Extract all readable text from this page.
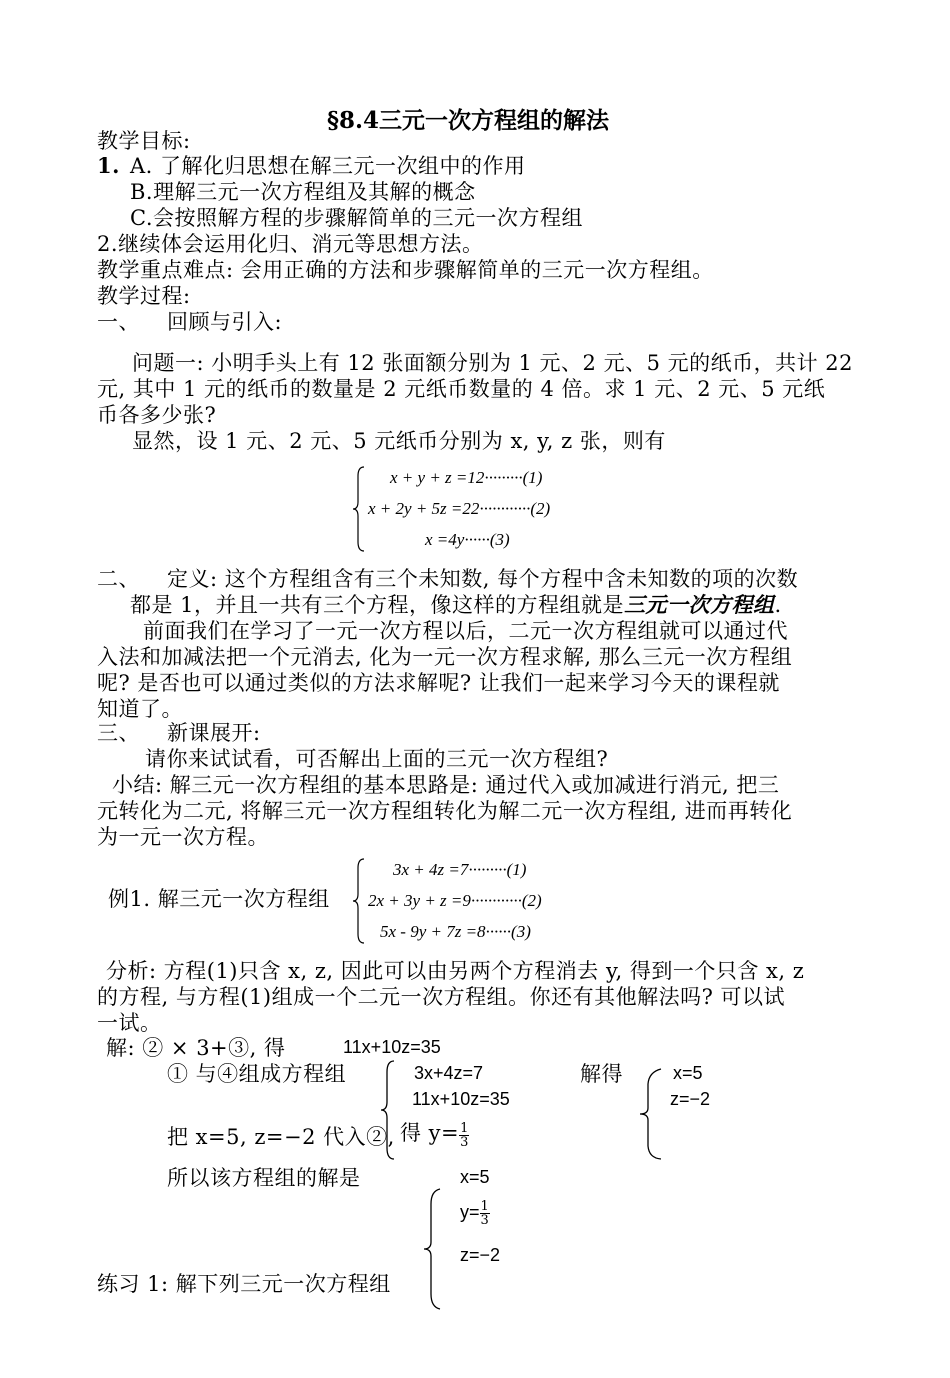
§8.4三元一次方程组的解法
教学目标:
1. A. 了解化归思想在解三元一次组中的作用
B.理解三元一次方程组及其解的概念
C.会按照解方程的步骤解简单的三元一次方程组
2.继续体会运用化归、消元等思想方法。
教学重点难点: 会用正确的方法和步骤解简单的三元一次方程组。
教学过程:
一、 回顾与引入:
问题一: 小明手头上有 12 张面额分别为 1 元、2 元、5 元的纸币，共计 22
元, 其中 1 元的纸币的数量是 2 元纸币数量的 4 倍。求 1 元、2 元、5 元纸
币各多少张?
显然，设 1 元、2 元、5 元纸币分别为 x, y, z 张，则有
x + y + z =12·········(1)
x + 2y + 5z =22············(2)
x =4y······(3)
二、 定义: 这个方程组含有三个未知数, 每个方程中含未知数的项的次数
都是 1，并且一共有三个方程，像这样的方程组就是三元一次方程组.
前面我们在学习了一元一次方程以后，二元一次方程组就可以通过代
入法和加减法把一个元消去, 化为一元一次方程求解, 那么三元一次方程组
呢? 是否也可以通过类似的方法求解呢? 让我们一起来学习今天的课程就
知道了。
三、 新课展开:
请你来试试看，可否解出上面的三元一次方程组?
小结: 解三元一次方程组的基本思路是: 通过代入或加减进行消元, 把三
元转化为二元, 将解三元一次方程组转化为解二元一次方程组, 进而再转化
为一元一次方程。
例1. 解三元一次方程组
3x + 4z =7·········(1)
2x + 3y + z =9············(2)
5x - 9y + 7z =8······(3)
分析: 方程(1)只含 x, z, 因此可以由另两个方程消去 y, 得到一个只含 x, z
的方程, 与方程(1)组成一个二元一次方程组。你还有其他解法吗? 可以试
一试。
解: ② × 3+③, 得	11x+10z=35
① 与④组成方程组	3x+4z=7
11x+10z=35
解得	x=5
z=−2
把 x=5, z=−2 代入②, 得 $y= \frac{1}{3}$
所以该方程组的解是	x=5
$y= \frac{1}{3}$
z=−2
练习 1: 解下列三元一次方程组
